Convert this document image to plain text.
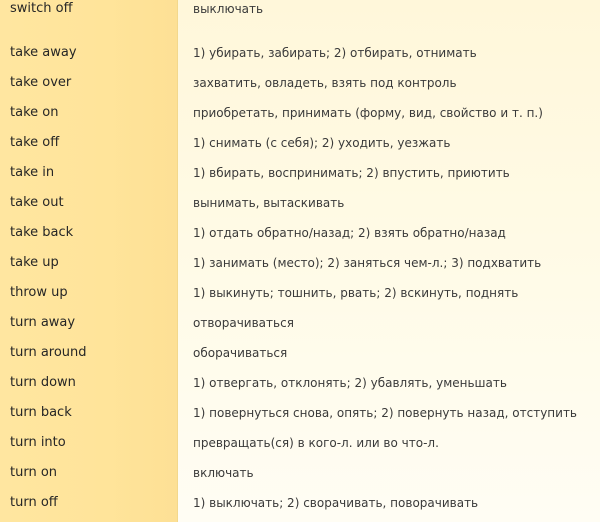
switch off	выключать
take away	1) убирать, забирать; 2) отбирать, отнимать
take over	захватить, овладеть, взять под контроль
take on	приобретать, принимать (форму, вид, свойство и т. п.)
take off	1) снимать (с себя); 2) уходить, уезжать
take in	1) вбирать, воспринимать; 2) впустить, приютить
take out	вынимать, вытаскивать
take back	1) отдать обратно/назад; 2) взять обратно/назад
take up	1) занимать (место); 2) заняться чем-л.; 3) подхватить
throw up	1) выкинуть; тошнить, рвать; 2) вскинуть, поднять
turn away	отворачиваться
turn around	оборачиваться
turn down	1) отвергать, отклонять; 2) убавлять, уменьшать
turn back	1) повернуться снова, опять; 2) повернуть назад, отступить
turn into	превращать(ся) в кого-л. или во что-л.
turn on	включать
turn off	1) выключать; 2) сворачивать, поворачивать
